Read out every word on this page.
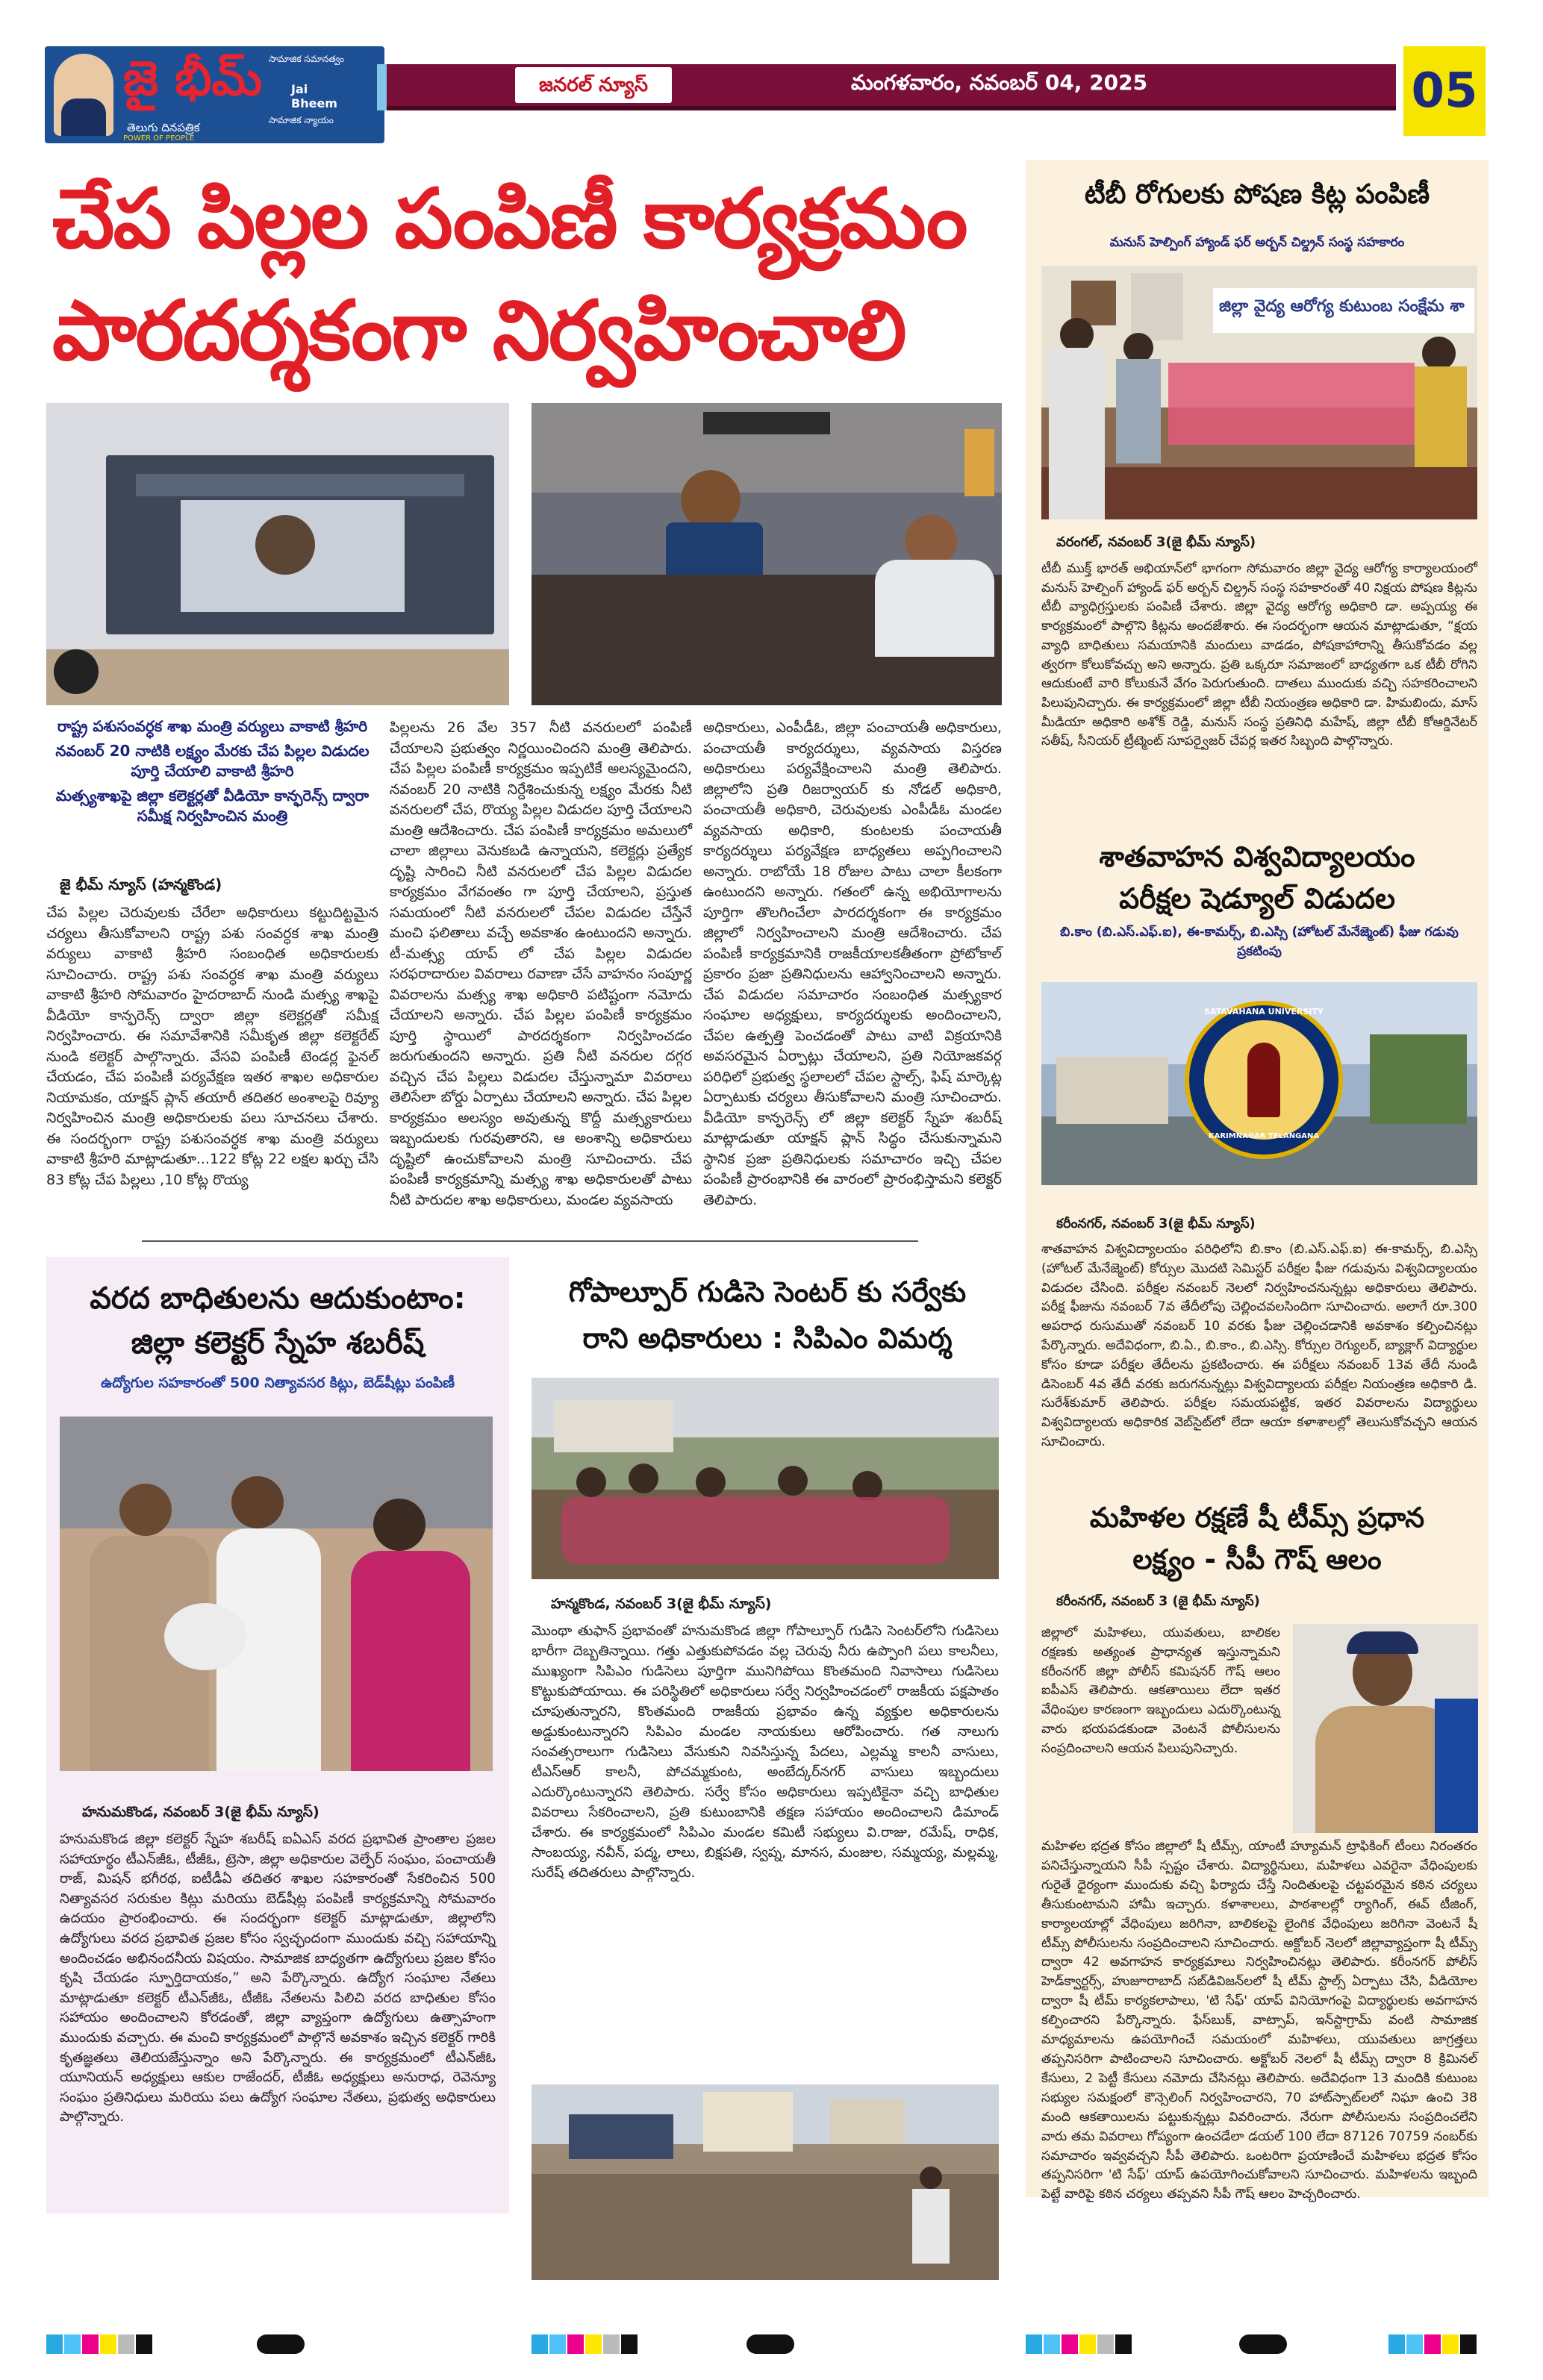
జై భీమ్ సామాజిక సమానత్వం
Jai Bheem
సామాజిక న్యాయం
తెలుగు దినపత్రిక
POWER OF PEOPLE
జనరల్ న్యూస్	మంగళవారం, నవంబర్ 04, 2025	05
చేప పిల్లల పంపిణీ కార్యక్రమం
పారదర్శకంగా నిర్వహించాలి
రాష్ట్ర పశుసంవర్ధక శాఖ మంత్రి వర్యులు వాకాటి శ్రీహరి
నవంబర్ 20 నాటికి లక్ష్యం మేరకు చేప పిల్లల విడుదల పూర్తి చేయాలి వాకాటి శ్రీహరి
మత్స్యశాఖపై జిల్లా కలెక్టర్లతో వీడియో కాన్ఫరెన్స్ ద్వారా సమీక్ష నిర్వహించిన మంత్రి
జై భీమ్ న్యూస్ (హన్మకొండ)
చేప పిల్లల చెరువులకు చేరేలా అధికారులు కట్టుదిట్టమైన చర్యలు తీసుకోవాలని రాష్ట్ర పశు సంవర్ధక శాఖ మంత్రి వర్యులు వాకాటి శ్రీహరి సంబంధిత అధికారులకు సూచించారు. రాష్ట్ర పశు సంవర్ధక శాఖ మంత్రి వర్యులు వాకాటి శ్రీహరి సోమవారం హైదరాబాద్ నుండి మత్స్య శాఖపై వీడియో కాన్ఫరెన్స్ ద్వారా జిల్లా కలెక్టర్లతో సమీక్ష నిర్వహించారు. ఈ సమావేశానికి సమీకృత జిల్లా కలెక్టరేట్ నుండి కలెక్టర్ పాల్గొన్నారు. వేసవి పంపిణీ టెండర్ల ఫైనల్ చేయడం, చేప పంపిణీ పర్యవేక్షణ ఇతర శాఖల అధికారుల నియామకం, యాక్షన్ ప్లాన్ తయారీ తదితర అంశాలపై రివ్యూ నిర్వహించిన మంత్రి అధికారులకు పలు సూచనలు చేశారు. ఈ సందర్భంగా రాష్ట్ర పశుసంవర్ధక శాఖ మంత్రి వర్యులు వాకాటి శ్రీహరి మాట్లాడుతూ...122 కోట్ల 22 లక్షల ఖర్చు చేసి 83 కోట్ల చేప పిల్లలు ,10 కోట్ల రొయ్య
పిల్లలను 26 వేల 357 నీటి వనరులలో పంపిణీ చేయాలని ప్రభుత్వం నిర్ణయించిందని మంత్రి తెలిపారు. చేప పిల్లల పంపిణీ కార్యక్రమం ఇప్పటికే అలస్యమైందని, నవంబర్ 20 నాటికి నిర్దేశించుకున్న లక్ష్యం మేరకు నీటి వనరులలో చేప, రొయ్య పిల్లల విడుదల పూర్తి చేయాలని మంత్రి ఆదేశించారు. చేప పంపిణీ కార్యక్రమం అమలులో చాలా జిల్లాలు వెనుకబడి ఉన్నాయని, కలెక్టర్లు ప్రత్యేక దృష్టి సారించి నీటి వనరులలో చేప పిల్లల విడుదల కార్యక్రమం వేగవంతం గా పూర్తి చేయాలని, ప్రస్తుత సమయంలో నీటి వనరులలో చేపల విడుదల చేస్తేనే మంచి ఫలితాలు వచ్చే అవకాశం ఉంటుందని అన్నారు. టీ-మత్స్య యాప్ లో చేప పిల్లల విడుదల సరఫరాదారుల వివరాలు రవాణా చేసే వాహనం సంపూర్ణ వివరాలను మత్స్య శాఖ అధికారి పటిష్టంగా నమోదు చేయాలని అన్నారు. చేప పిల్లల పంపిణీ కార్యక్రమం పూర్తి స్థాయిలో పారదర్శకంగా నిర్వహించడం జరుగుతుందని అన్నారు. ప్రతి నీటి వనరుల దగ్గర వచ్చిన చేప పిల్లలు విడుదల చేస్తున్నామా వివరాలు తెలిసేలా బోర్డు ఏర్పాటు చేయాలని అన్నారు. చేప పిల్లల కార్యక్రమం అలస్యం అవుతున్న కొద్దీ మత్స్యకారులు ఇబ్బందులకు గురవుతారని, ఆ అంశాన్ని అధికారులు దృష్టిలో ఉంచుకోవాలని మంత్రి సూచించారు. చేప పంపిణీ కార్యక్రమాన్ని మత్స్య శాఖ అధికారులతో పాటు నీటి పారుదల శాఖ అధికారులు, మండల వ్యవసాయ
అధికారులు, ఎంపీడీఓ, జిల్లా పంచాయతీ అధికారులు, పంచాయతీ కార్యదర్శులు, వ్యవసాయ విస్తరణ అధికారులు పర్యవేక్షించాలని మంత్రి తెలిపారు. జిల్లాలోని ప్రతి రిజర్వాయర్ కు నోడల్ అధికారి, పంచాయతీ అధికారి, చెరువులకు ఎంపీడీఓ మండల వ్యవసాయ అధికారి, కుంటలకు పంచాయతీ కార్యదర్శులు పర్యవేక్షణ బాధ్యతలు అప్పగించాలని అన్నారు. రాబోయే 18 రోజుల పాటు చాలా కీలకంగా ఉంటుందని అన్నారు. గతంలో ఉన్న అభియోగాలను పూర్తిగా తొలగించేలా పారదర్శకంగా ఈ కార్యక్రమం జిల్లాలో నిర్వహించాలని మంత్రి ఆదేశించారు. చేప పంపిణీ కార్యక్రమానికి రాజకీయాలకతీతంగా ప్రోటోకాల్ ప్రకారం ప్రజా ప్రతినిధులను ఆహ్వానించాలని అన్నారు. చేప విడుదల సమాచారం సంబంధిత మత్స్యకార సంఘాల అధ్యక్షులు, కార్యదర్శులకు అందించాలని, చేపల ఉత్పత్తి పెంచడంతో పాటు వాటి విక్రయానికి అవసరమైన ఏర్పాట్లు చేయాలని, ప్రతి నియోజకవర్గ పరిధిలో ప్రభుత్వ స్థలాలలో చేపల స్టాల్స్, ఫిష్ మార్కెట్ల ఏర్పాటుకు చర్యలు తీసుకోవాలని మంత్రి సూచించారు. వీడియో కాన్ఫరెన్స్ లో జిల్లా కలెక్టర్ స్నేహ శబరీష్ మాట్లాడుతూ యాక్షన్ ప్లాన్ సిద్ధం చేసుకున్నామని స్థానిక ప్రజా ప్రతినిధులకు సమాచారం ఇచ్చి చేపల పంపిణీ ప్రారంభానికి ఈ వారంలో ప్రారంభిస్తామని కలెక్టర్ తెలిపారు.
వరద బాధితులను ఆదుకుంటాం:
జిల్లా కలెక్టర్ స్నేహ శబరీష్
ఉద్యోగుల సహకారంతో 500 నిత్యావసర కిట్లు, బెడ్‌షీట్లు పంపిణీ
హనుమకొండ, నవంబర్ 3(జై భీమ్ న్యూస్)
హనుమకొండ జిల్లా కలెక్టర్ స్నేహ శబరీష్ ఐఏఎస్ వరద ప్రభావిత ప్రాంతాల ప్రజల సహాయార్థం టీఎన్‌జీఓ, టీజీఓ, ట్రెసా, జిల్లా అధికారుల వెల్ఫేర్ సంఘం, పంచాయతీ రాజ్, మిషన్ భగీరథ, ఐటీడీఏ తదితర శాఖల సహకారంతో సేకరించిన 500 నిత్యావసర సరుకుల కిట్లు మరియు బెడ్‌షీట్ల పంపిణీ కార్యక్రమాన్ని సోమవారం ఉదయం ప్రారంభించారు. ఈ సందర్భంగా కలెక్టర్ మాట్లాడుతూ, జిల్లాలోని ఉద్యోగులు వరద ప్రభావిత ప్రజల కోసం స్వచ్ఛందంగా ముందుకు వచ్చి సహాయాన్ని అందించడం అభినందనీయ విషయం. సామాజిక బాధ్యతగా ఉద్యోగులు ప్రజల కోసం కృషి చేయడం స్ఫూర్తిదాయకం,” అని పేర్కొన్నారు. ఉద్యోగ సంఘాల నేతలు మాట్లాడుతూ కలెక్టర్ టీఎన్‌జీఓ, టీజీఓ నేతలను పిలిచి వరద బాధితుల కోసం సహాయం అందించాలని కోరడంతో, జిల్లా వ్యాప్తంగా ఉద్యోగులు ఉత్సాహంగా ముందుకు వచ్చారు. ఈ మంచి కార్యక్రమంలో పాల్గొనే అవకాశం ఇచ్చిన కలెక్టర్ గారికి కృతజ్ఞతలు తెలియజేస్తున్నాం అని పేర్కొన్నారు. ఈ కార్యక్రమంలో టీఎన్‌జీఓ యూనియన్ అధ్యక్షులు ఆకుల రాజేందర్, టీజీఓ అధ్యక్షులు అనురాధ, రెవెన్యూ సంఘం ప్రతినిధులు మరియు పలు ఉద్యోగ సంఘాల నేతలు, ప్రభుత్వ అధికారులు పాల్గొన్నారు.
గోపాల్పూర్ గుడిసె సెంటర్ కు సర్వేకు
రాని అధికారులు : సిపిఎం విమర్శ
హన్మకొండ, నవంబర్ 3(జై భీమ్ న్యూస్)
మొంథా తుఫాన్ ప్రభావంతో హనుమకొండ జిల్లా గోపాల్పూర్ గుడిసె సెంటర్‌లోని గుడిసెలు భారీగా దెబ్బతిన్నాయి. గత్తు ఎత్తుకుపోవడం వల్ల చెరువు నీరు ఉప్పొంగి పలు కాలనీలు, ముఖ్యంగా సిపిఎం గుడిసెలు పూర్తిగా మునిగిపోయి కొంతమంది నివాసాలు గుడిసెలు కొట్టుకుపోయాయి. ఈ పరిస్థితిలో అధికారులు సర్వే నిర్వహించడంలో రాజకీయ పక్షపాతం చూపుతున్నారని, కొంతమంది రాజకీయ ప్రభావం ఉన్న వ్యక్తుల అధికారులను అడ్డుకుంటున్నారని సిపిఎం మండల నాయకులు ఆరోపించారు. గత నాలుగు సంవత్సరాలుగా గుడిసెలు వేసుకుని నివసిస్తున్న పేదలు, ఎల్లమ్మ కాలనీ వాసులు, టీఎస్‌ఆర్ కాలనీ, పోచమ్మకుంట, అంబేద్కర్‌నగర్ వాసులు ఇబ్బందులు ఎదుర్కొంటున్నారని తెలిపారు. సర్వే కోసం అధికారులు ఇప్పటికైనా వచ్చి బాధితుల వివరాలు సేకరించాలని, ప్రతి కుటుంబానికి తక్షణ సహాయం అందించాలని డిమాండ్ చేశారు. ఈ కార్యక్రమంలో సిపిఎం మండల కమిటీ సభ్యులు వి.రాజు, రమేష్, రాధిక, సాంబయ్య, నవీన్, పద్మ, లాలు, బిక్షపతి, స్వప్న, మానస, మంజుల, సమ్మయ్య, మల్లమ్మ, సురేష్ తదితరులు పాల్గొన్నారు.
టీబీ రోగులకు పోషణ కిట్ల పంపిణీ
మనుస్ హెల్పింగ్ హ్యాండ్ ఫర్ అర్బన్ చిల్డ్రన్ సంస్థ సహకారం
జిల్లా వైద్య ఆరోగ్య కుటుంబ సంక్షేమ శా
వరంగల్, నవంబర్ 3(జై భీమ్ న్యూస్)
టీబీ ముక్త్ భారత్ అభియాన్‌లో భాగంగా సోమవారం జిల్లా వైద్య ఆరోగ్య కార్యాలయంలో మనుస్ హెల్పింగ్ హ్యాండ్ ఫర్ అర్బన్ చిల్డ్రన్ సంస్థ సహకారంతో 40 నిక్షయ పోషణ కిట్లను టీబీ వ్యాధిగ్రస్తులకు పంపిణీ చేశారు. జిల్లా వైద్య ఆరోగ్య అధికారి డా. అప్పయ్య ఈ కార్యక్రమంలో పాల్గొని కిట్లను అందజేశారు. ఈ సందర్భంగా ఆయన మాట్లాడుతూ, “క్షయ వ్యాధి బాధితులు సమయానికి మందులు వాడడం, పోషకాహారాన్ని తీసుకోవడం వల్ల త్వరగా కోలుకోవచ్చు అని అన్నారు. ప్రతి ఒక్కరూ సమాజంలో బాధ్యతగా ఒక టీబీ రోగిని ఆదుకుంటే వారి కోలుకునే వేగం పెరుగుతుంది. దాతలు ముందుకు వచ్చి సహకరించాలని పిలుపునిచ్చారు. ఈ కార్యక్రమంలో జిల్లా టీబీ నియంత్రణ అధికారి డా. హిమబిందు, మాస్ మీడియా అధికారి అశోక్ రెడ్డి, మనుస్ సంస్థ ప్రతినిధి మహేష్, జిల్లా టీబీ కోఆర్డినేటర్ సతీష్, సీనియర్ ట్రీట్మెంట్ సూపర్వైజర్ చేపర్ల ఇతర సిబ్బంది పాల్గొన్నారు.
శాతవాహన విశ్వవిద్యాలయం
పరీక్షల షెడ్యూల్ విడుదల
బి.కాం (బి.ఎస్.ఎఫ్.ఐ), ఈ-కామర్స్, బి.ఎస్సి (హోటల్ మేనేజ్మెంట్) ఫీజు గడువు ప్రకటింపు
SATAVAHANA UNIVERSITY
KARIMNAGAR TELANGANA
కరీంనగర్, నవంబర్ 3(జై భీమ్ న్యూస్)
శాతవాహన విశ్వవిద్యాలయం పరిధిలోని బి.కాం (బి.ఎస్.ఎఫ్.ఐ) ఈ-కామర్స్, బి.ఎస్సి (హోటల్ మేనేజ్మెంట్) కోర్సుల మొదటి సెమిస్టర్ పరీక్షల ఫీజు గడువును విశ్వవిద్యాలయం విడుదల చేసింది. పరీక్షల నవంబర్ నెలలో నిర్వహించనున్నట్లు అధికారులు తెలిపారు. పరీక్ష ఫీజును నవంబర్ 7వ తేదీలోపు చెల్లించవలసిందిగా సూచించారు. అలాగే రూ.300 అపరాధ రుసుముతో నవంబర్ 10 వరకు ఫీజు చెల్లించడానికి అవకాశం కల్పించినట్లు పేర్కొన్నారు. అదేవిధంగా, బి.ఏ., బి.కాం., బి.ఎస్సి. కోర్సుల రెగ్యులర్, బ్యాక్లాగ్ విద్యార్థుల కోసం కూడా పరీక్షల తేదీలను ప్రకటించారు. ఈ పరీక్షలు నవంబర్ 13వ తేదీ నుండి డిసెంబర్ 4వ తేదీ వరకు జరుగనున్నట్లు విశ్వవిద్యాలయ పరీక్షల నియంత్రణ అధికారి డి. సురేశ్‌కుమార్ తెలిపారు. పరీక్షల సమయపట్టిక, ఇతర వివరాలను విద్యార్థులు విశ్వవిద్యాలయ అధికారిక వెబ్‌సైట్‌లో లేదా ఆయా కళాశాలల్లో తెలుసుకోవచ్చని ఆయన సూచించారు.
మహిళల రక్షణే షీ టీమ్స్ ప్రధాన
లక్ష్యం - సీపీ గౌష్ ఆలం
కరీంనగర్, నవంబర్ 3 (జై భీమ్ న్యూస్)
జిల్లాలో మహిళలు, యువతులు, బాలికల రక్షణకు అత్యంత ప్రాధాన్యత ఇస్తున్నామని కరీంనగర్ జిల్లా పోలీస్ కమిషనర్ గౌష్ ఆలం ఐపీఎస్ తెలిపారు. ఆకతాయిలు లేదా ఇతర వేధింపుల కారణంగా ఇబ్బందులు ఎదుర్కొంటున్న వారు భయపడకుండా వెంటనే పోలీసులను సంప్రదించాలని ఆయన పిలుపునిచ్చారు.
మహిళల భద్రత కోసం జిల్లాలో షీ టీమ్స్, యాంటీ హ్యూమన్ ట్రాఫికింగ్ టీంలు నిరంతరం పనిచేస్తున్నాయని సీపీ స్పష్టం చేశారు. విద్యార్థినులు, మహిళలు ఎవరైనా వేధింపులకు గురైతే ధైర్యంగా ముందుకు వచ్చి ఫిర్యాదు చేస్తే నిందితులపై చట్టపరమైన కఠిన చర్యలు తీసుకుంటామని హామీ ఇచ్చారు. కళాశాలలు, పాఠశాలల్లో ర్యాగింగ్, ఈవ్ టీజింగ్, కార్యాలయాల్లో వేధింపులు జరిగినా, బాలికలపై లైంగిక వేధింపులు జరిగినా వెంటనే షీ టీమ్స్ పోలీసులను సంప్రదించాలని సూచించారు. అక్టోబర్ నెలలో జిల్లావ్యాప్తంగా షీ టీమ్స్ ద్వారా 42 అవగాహన కార్యక్రమాలు నిర్వహించినట్లు తెలిపారు. కరీంనగర్ పోలీస్ హెడ్‌క్వార్టర్స్, హుజూరాబాద్ సబ్‌డివిజన్‌లలో షీ టీమ్ స్టాల్స్ ఏర్పాటు చేసి, వీడియోల ద్వారా షీ టీమ్ కార్యకలాపాలు, 'టి సేఫ్' యాప్ వినియోగంపై విద్యార్థులకు అవగాహన కల్పించారని పేర్కొన్నారు. ఫేస్‌బుక్, వాట్సాప్, ఇన్‌స్టాగ్రామ్ వంటి సామాజిక మాధ్యమాలను ఉపయోగించే సమయంలో మహిళలు, యువతులు జాగ్రత్తలు తప్పనిసరిగా పాటించాలని సూచించారు. అక్టోబర్ నెలలో షీ టీమ్స్ ద్వారా 8 క్రిమినల్ కేసులు, 2 పెట్టీ కేసులు నమోదు చేసినట్లు తెలిపారు. అదేవిధంగా 13 మందికి కుటుంబ సభ్యుల సమక్షంలో కౌన్సెలింగ్ నిర్వహించారని, 70 హాట్‌స్పాట్‌లలో నిఘా ఉంచి 38 మంది ఆకతాయిలను పట్టుకున్నట్లు వివరించారు. నేరుగా పోలీసులను సంప్రదించలేని వారు తమ వివరాలు గోప్యంగా ఉంచడేలా డయల్ 100 లేదా 87126 70759 నంబర్‌కు సమాచారం ఇవ్వవచ్చని సీపీ తెలిపారు. ఒంటరిగా ప్రయాణించే మహిళలు భద్రత కోసం తప్పనిసరిగా 'టి సేఫ్' యాప్ ఉపయోగించుకోవాలని సూచించారు. మహిళలను ఇబ్బంది పెట్టే వారిపై కఠిన చర్యలు తప్పవని సీపీ గౌష్ ఆలం హెచ్చరించారు.
